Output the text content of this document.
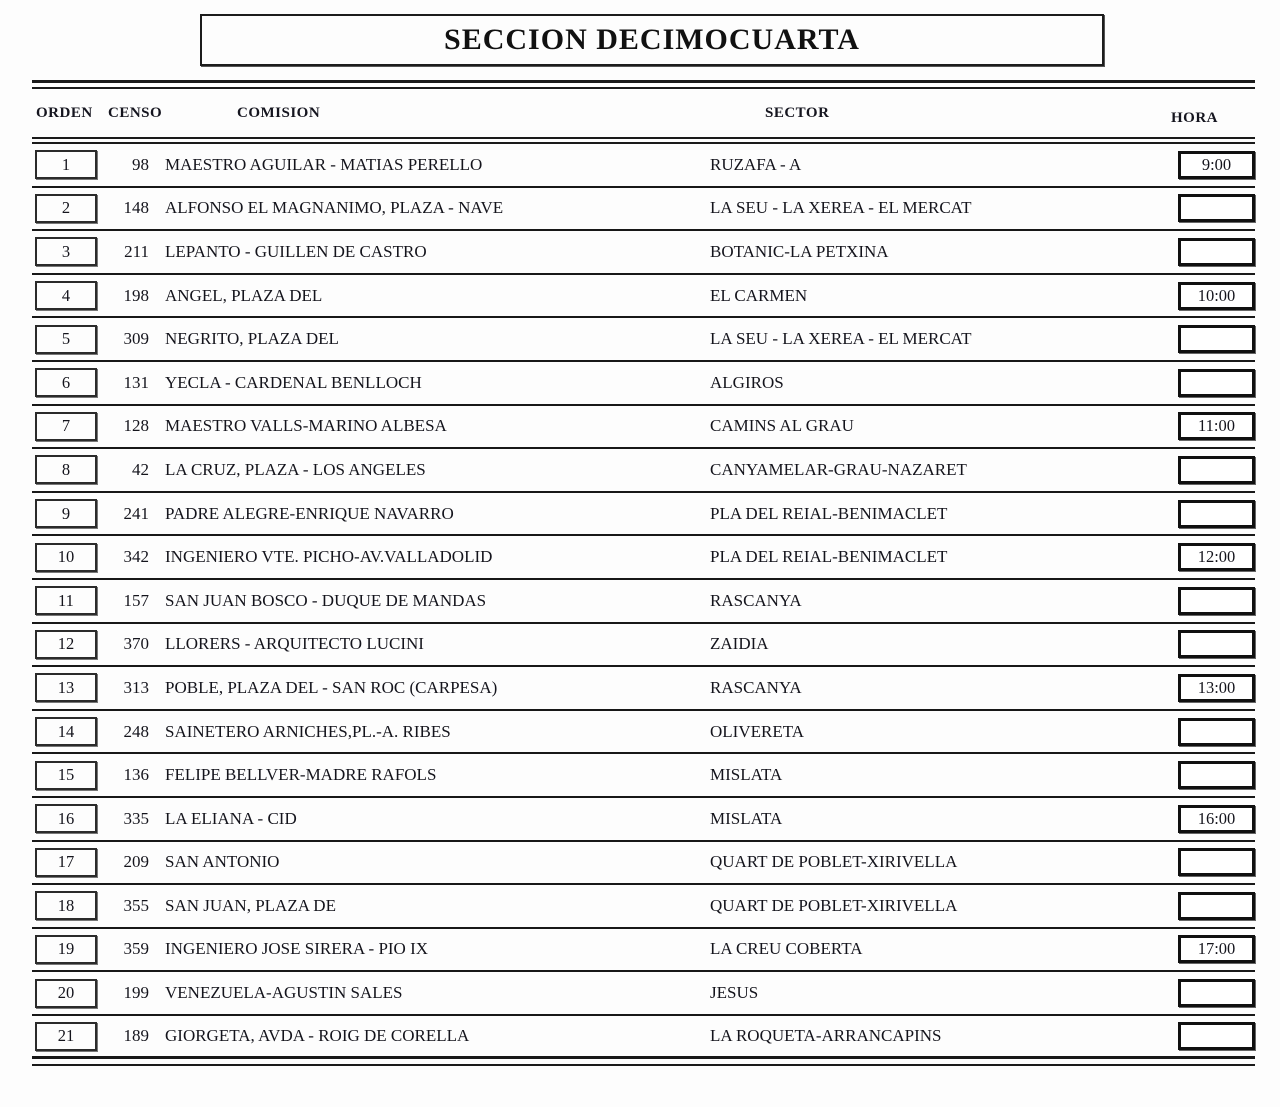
SECCION DECIMOCUARTA
ORDEN CENSO	COMISION	SECTOR	HORA
1	98 MAESTRO AGUILAR - MATIAS PERELLO	RUZAFA - A	9:00
2	148 ALFONSO EL MAGNANIMO, PLAZA - NAVE	LA SEU - LA XEREA - EL MERCAT
3	211 LEPANTO - GUILLEN DE CASTRO	BOTANIC-LA PETXINA
4	198 ANGEL, PLAZA DEL	EL CARMEN	10:00
5	309 NEGRITO, PLAZA DEL	LA SEU - LA XEREA - EL MERCAT
6	131 YECLA - CARDENAL BENLLOCH	ALGIROS
7	128 MAESTRO VALLS-MARINO ALBESA	CAMINS AL GRAU	11:00
8	42 LA CRUZ, PLAZA - LOS ANGELES	CANYAMELAR-GRAU-NAZARET
9	241 PADRE ALEGRE-ENRIQUE NAVARRO	PLA DEL REIAL-BENIMACLET
10	342 INGENIERO VTE. PICHO-AV.VALLADOLID	PLA DEL REIAL-BENIMACLET	12:00
11	157 SAN JUAN BOSCO - DUQUE DE MANDAS	RASCANYA
12	370 LLORERS - ARQUITECTO LUCINI	ZAIDIA
13	313 POBLE, PLAZA DEL - SAN ROC (CARPESA)	RASCANYA	13:00
14	248 SAINETERO ARNICHES,PL.-A. RIBES	OLIVERETA
15	136 FELIPE BELLVER-MADRE RAFOLS	MISLATA
16	335 LA ELIANA - CID	MISLATA	16:00
17	209 SAN ANTONIO	QUART DE POBLET-XIRIVELLA
18	355 SAN JUAN, PLAZA DE	QUART DE POBLET-XIRIVELLA
19	359 INGENIERO JOSE SIRERA - PIO IX	LA CREU COBERTA	17:00
20	199 VENEZUELA-AGUSTIN SALES	JESUS
21	189 GIORGETA, AVDA - ROIG DE CORELLA	LA ROQUETA-ARRANCAPINS
